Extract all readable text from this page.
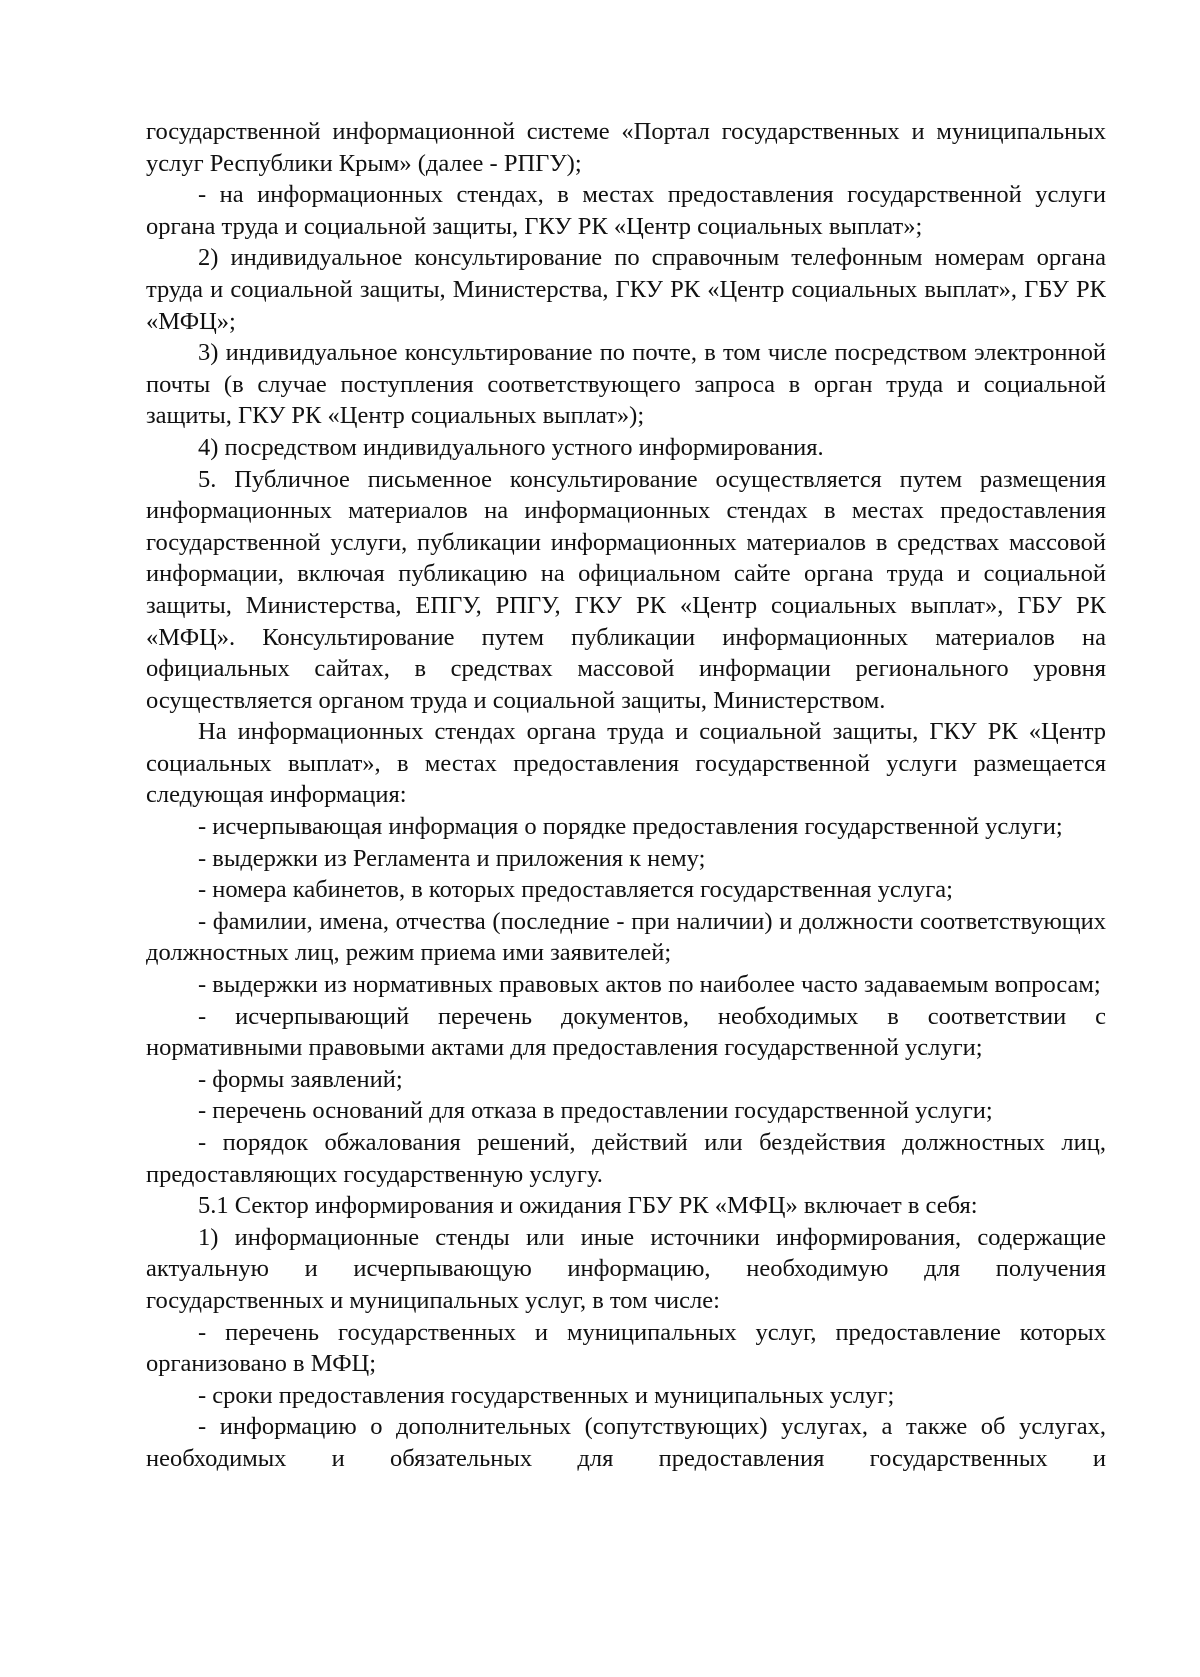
государственной информационной системе «Портал государственных и муниципальных услуг Республики Крым» (далее - РПГУ);

- на информационных стендах, в местах предоставления государственной услуги органа труда и социальной защиты, ГКУ РК «Центр социальных выплат»;

2) индивидуальное консультирование по справочным телефонным номерам органа труда и социальной защиты, Министерства, ГКУ РК «Центр социальных выплат», ГБУ РК «МФЦ»;

3) индивидуальное консультирование по почте, в том числе посредством электронной почты (в случае поступления соответствующего запроса в орган труда и социальной защиты, ГКУ РК «Центр социальных выплат»);

4) посредством индивидуального устного информирования.

5. Публичное письменное консультирование осуществляется путем размещения информационных материалов на информационных стендах в местах предоставления государственной услуги, публикации информационных материалов в средствах массовой информации, включая публикацию на официальном сайте органа труда и социальной защиты, Министерства, ЕПГУ, РПГУ, ГКУ РК «Центр социальных выплат», ГБУ РК «МФЦ». Консультирование путем публикации информационных материалов на официальных сайтах, в средствах массовой информации регионального уровня осуществляется органом труда и социальной защиты, Министерством.

На информационных стендах органа труда и социальной защиты, ГКУ РК «Центр социальных выплат», в местах предоставления государственной услуги размещается следующая информация:

- исчерпывающая информация о порядке предоставления государственной услуги;

- выдержки из Регламента и приложения к нему;

- номера кабинетов, в которых предоставляется государственная услуга;

- фамилии, имена, отчества (последние - при наличии) и должности соответствующих должностных лиц, режим приема ими заявителей;

- выдержки из нормативных правовых актов по наиболее часто задаваемым вопросам;

- исчерпывающий перечень документов, необходимых в соответствии с нормативными правовыми актами для предоставления государственной услуги;

- формы заявлений;

- перечень оснований для отказа в предоставлении государственной услуги;

- порядок обжалования решений, действий или бездействия должностных лиц, предоставляющих государственную услугу.

5.1 Сектор информирования и ожидания ГБУ РК «МФЦ» включает в себя:

1) информационные стенды или иные источники информирования, содержащие актуальную и исчерпывающую информацию, необходимую для получения государственных и муниципальных услуг, в том числе:

- перечень государственных и муниципальных услуг, предоставление которых организовано в МФЦ;

- сроки предоставления государственных и муниципальных услуг;

- информацию о дополнительных (сопутствующих) услугах, а также об услугах, необходимых и обязательных для предоставления государственных и
